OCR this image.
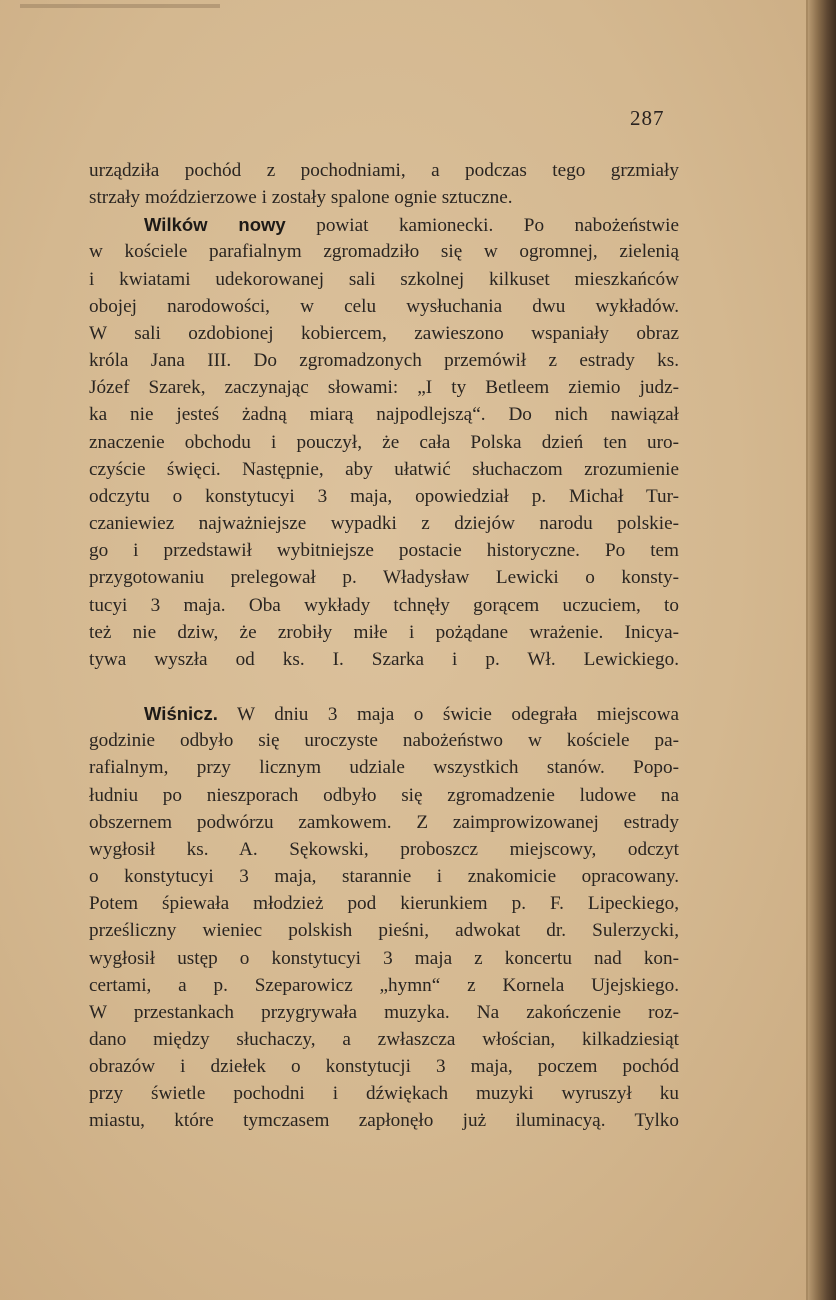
287
urządziła pochód z pochodniami, a podczas tego grzmiały
strzały moździerzowe i zostały spalone ognie sztuczne.
Wilków nowy powiat kamionecki. Po nabożeństwie
w kościele parafialnym zgromadziło się w ogromnej, zielenią
i kwiatami udekorowanej sali szkolnej kilkuset mieszkańców
obojej narodowości, w celu wysłuchania dwu wykładów.
W sali ozdobionej kobiercem, zawieszono wspaniały obraz
króla Jana III. Do zgromadzonych przemówił z estrady ks.
Józef Szarek, zaczynając słowami: „I ty Betleem ziemio judz-
ka nie jesteś żadną miarą najpodlejszą“. Do nich nawiązał
znaczenie obchodu i pouczył, że cała Polska dzień ten uro-
czyście święci. Następnie, aby ułatwić słuchaczom zrozumienie
odczytu o konstytucyi 3 maja, opowiedział p. Michał Tur-
czaniewiez najważniejsze wypadki z dziejów narodu polskie-
go i przedstawił wybitniejsze postacie historyczne. Po tem
przygotowaniu prelegował p. Władysław Lewicki o konsty-
tucyi 3 maja. Oba wykłady tchnęły gorącem uczuciem, to
też nie dziw, że zrobiły miłe i pożądane wrażenie. Inicya-
tywa wyszła od ks. I. Szarka i p. Wł. Lewickiego.
Wiśnicz. W dniu 3 maja o świcie odegrała miejscowa
godzinie odbyło się uroczyste nabożeństwo w kościele pa-
rafialnym, przy licznym udziale wszystkich stanów. Popo-
łudniu po nieszporach odbyło się zgromadzenie ludowe na
obszernem podwórzu zamkowem. Z zaimprowizowanej estrady
wygłosił ks. A. Sękowski, proboszcz miejscowy, odczyt
o konstytucyi 3 maja, starannie i znakomicie opracowany.
Potem śpiewała młodzież pod kierunkiem p. F. Lipeckiego,
prześliczny wieniec polskish pieśni, adwokat dr. Sulerzycki,
wygłosił ustęp o konstytucyi 3 maja z koncertu nad kon-
certami, a p. Szeparowicz „hymn“ z Kornela Ujejskiego.
W przestankach przygrywała muzyka. Na zakończenie roz-
dano między słuchaczy, a zwłaszcza włościan, kilkadziesiąt
obrazów i dziełek o konstytucji 3 maja, poczem pochód
przy świetle pochodni i dźwiękach muzyki wyruszył ku
miastu, które tymczasem zapłonęło już iluminacyą. Tylko
